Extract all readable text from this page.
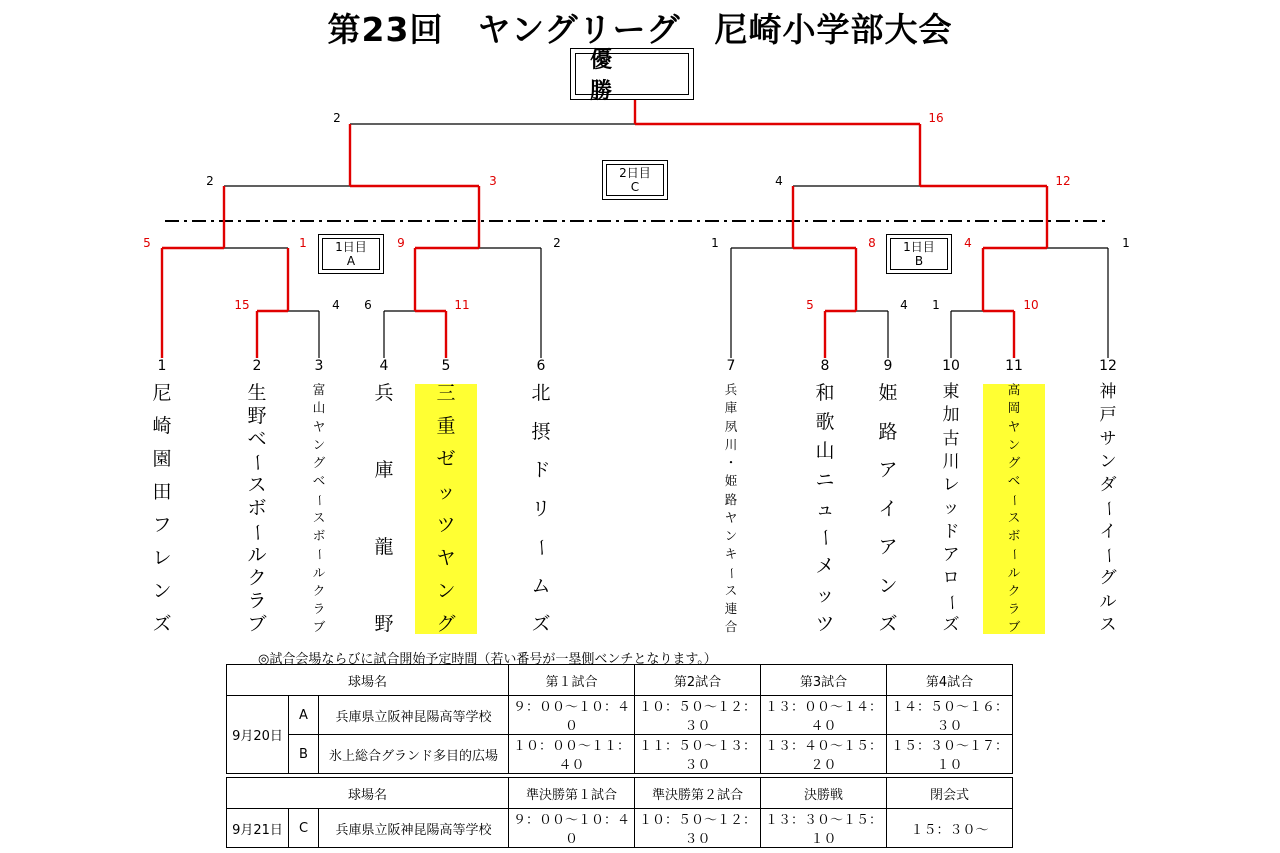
第23回　ヤングリーグ　尼崎小学部大会
優　勝
2日目
C
1日目
A
1日目
B
2	16
2	3	4	12
5	1	9	2	1	8	4	1
15	4 6	11	5	4 1	10
1	2	3	4	5	6	7	8	9	10	11	12
尼
崎
園
田
フ
レ
ン
ズ
生
野
ベ
ー
ス
ボ
ー
ル
ク
ラ
ブ
富
山
ヤ
ン
グ
ベ
ー
ス
ボ
ー
ル
ク
ラ
ブ
兵
庫
龍
野
三
重
ゼ
ッ
ツ
ヤ
ン
グ
北
摂
ド
リ
ー
ム
ズ
兵
庫
夙
川
・
姫
路
ヤ
ン
キ
ー
ス
連
合
和
歌
山
ニ
ュ
ー
メ
ッ
ツ
姫
路
ア
イ
ア
ン
ズ
東
加
古
川
レ
ッ
ド
ア
ロ
ー
ズ
高
岡
ヤ
ン
グ
ベ
ー
ス
ボ
ー
ル
ク
ラ
ブ
神
戸
サ
ン
ダ
ー
イ
ー
グ
ル
ス
◎試合会場ならびに試合開始予定時間（若い番号が一塁側ベンチとなります。）
球場名			第１試合	第2試合	第3試合	第4試合
9月20日	A	兵庫県立阪神昆陽高等学校	９：００〜１０：４０	１０：５０〜１２：３０	１３：００〜１４：４０	１４：５０〜１６：３０
	B	氷上総合グランド多目的広場	１０：００〜１１：４０	１１：５０〜１３：３０	１３：４０〜１５：２０	１５：３０〜１７：１０
球場名			準決勝第１試合	準決勝第２試合	決勝戦	閉会式
9月21日	C	兵庫県立阪神昆陽高等学校	９：００〜１０：４０	１０：５０〜１２：３０	１３：３０〜１５：１０	１５：３０〜
